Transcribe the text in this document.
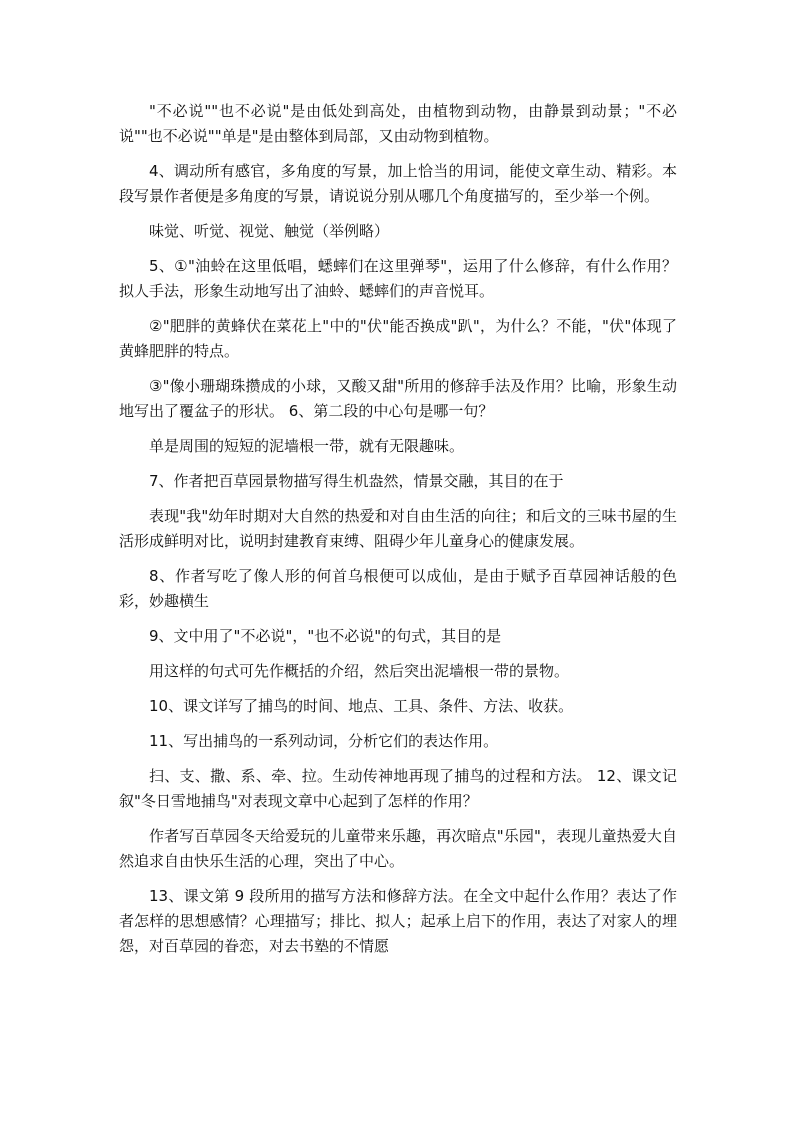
"不必说""也不必说"是由低处到高处，由植物到动物，由静景到动景；"不必说""也不必说""单是"是由整体到局部，又由动物到植物。

4、调动所有感官，多角度的写景，加上恰当的用词，能使文章生动、精彩。本段写景作者便是多角度的写景，请说说分别从哪几个角度描写的，至少举一个例。

味觉、听觉、视觉、触觉（举例略）

5、①"油蛉在这里低唱，蟋蟀们在这里弹琴"，运用了什么修辞，有什么作用？拟人手法，形象生动地写出了油蛉、蟋蟀们的声音悦耳。

②"肥胖的黄蜂伏在菜花上"中的"伏"能否换成"趴"，为什么？不能，"伏"体现了黄蜂肥胖的特点。

③"像小珊瑚珠攒成的小球，又酸又甜"所用的修辞手法及作用？比喻，形象生动地写出了覆盆子的形状。 6、第二段的中心句是哪一句？

单是周围的短短的泥墙根一带，就有无限趣味。

7、作者把百草园景物描写得生机盎然，情景交融，其目的在于

表现"我"幼年时期对大自然的热爱和对自由生活的向往；和后文的三味书屋的生活形成鲜明对比，说明封建教育束缚、阻碍少年儿童身心的健康发展。

8、作者写吃了像人形的何首乌根便可以成仙，是由于赋予百草园神话般的色彩，妙趣横生

9、文中用了"不必说"，"也不必说"的句式，其目的是

用这样的句式可先作概括的介绍，然后突出泥墙根一带的景物。

10、课文详写了捕鸟的时间、地点、工具、条件、方法、收获。

11、写出捕鸟的一系列动词，分析它们的表达作用。

扫、支、撒、系、牵、拉。生动传神地再现了捕鸟的过程和方法。 12、课文记叙"冬日雪地捕鸟"对表现文章中心起到了怎样的作用？

作者写百草园冬天给爱玩的儿童带来乐趣，再次暗点"乐园"，表现儿童热爱大自然追求自由快乐生活的心理，突出了中心。

13、课文第 9 段所用的描写方法和修辞方法。在全文中起什么作用？表达了作者怎样的思想感情？心理描写；排比、拟人；起承上启下的作用，表达了对家人的埋怨，对百草园的眷恋，对去书塾的不情愿
